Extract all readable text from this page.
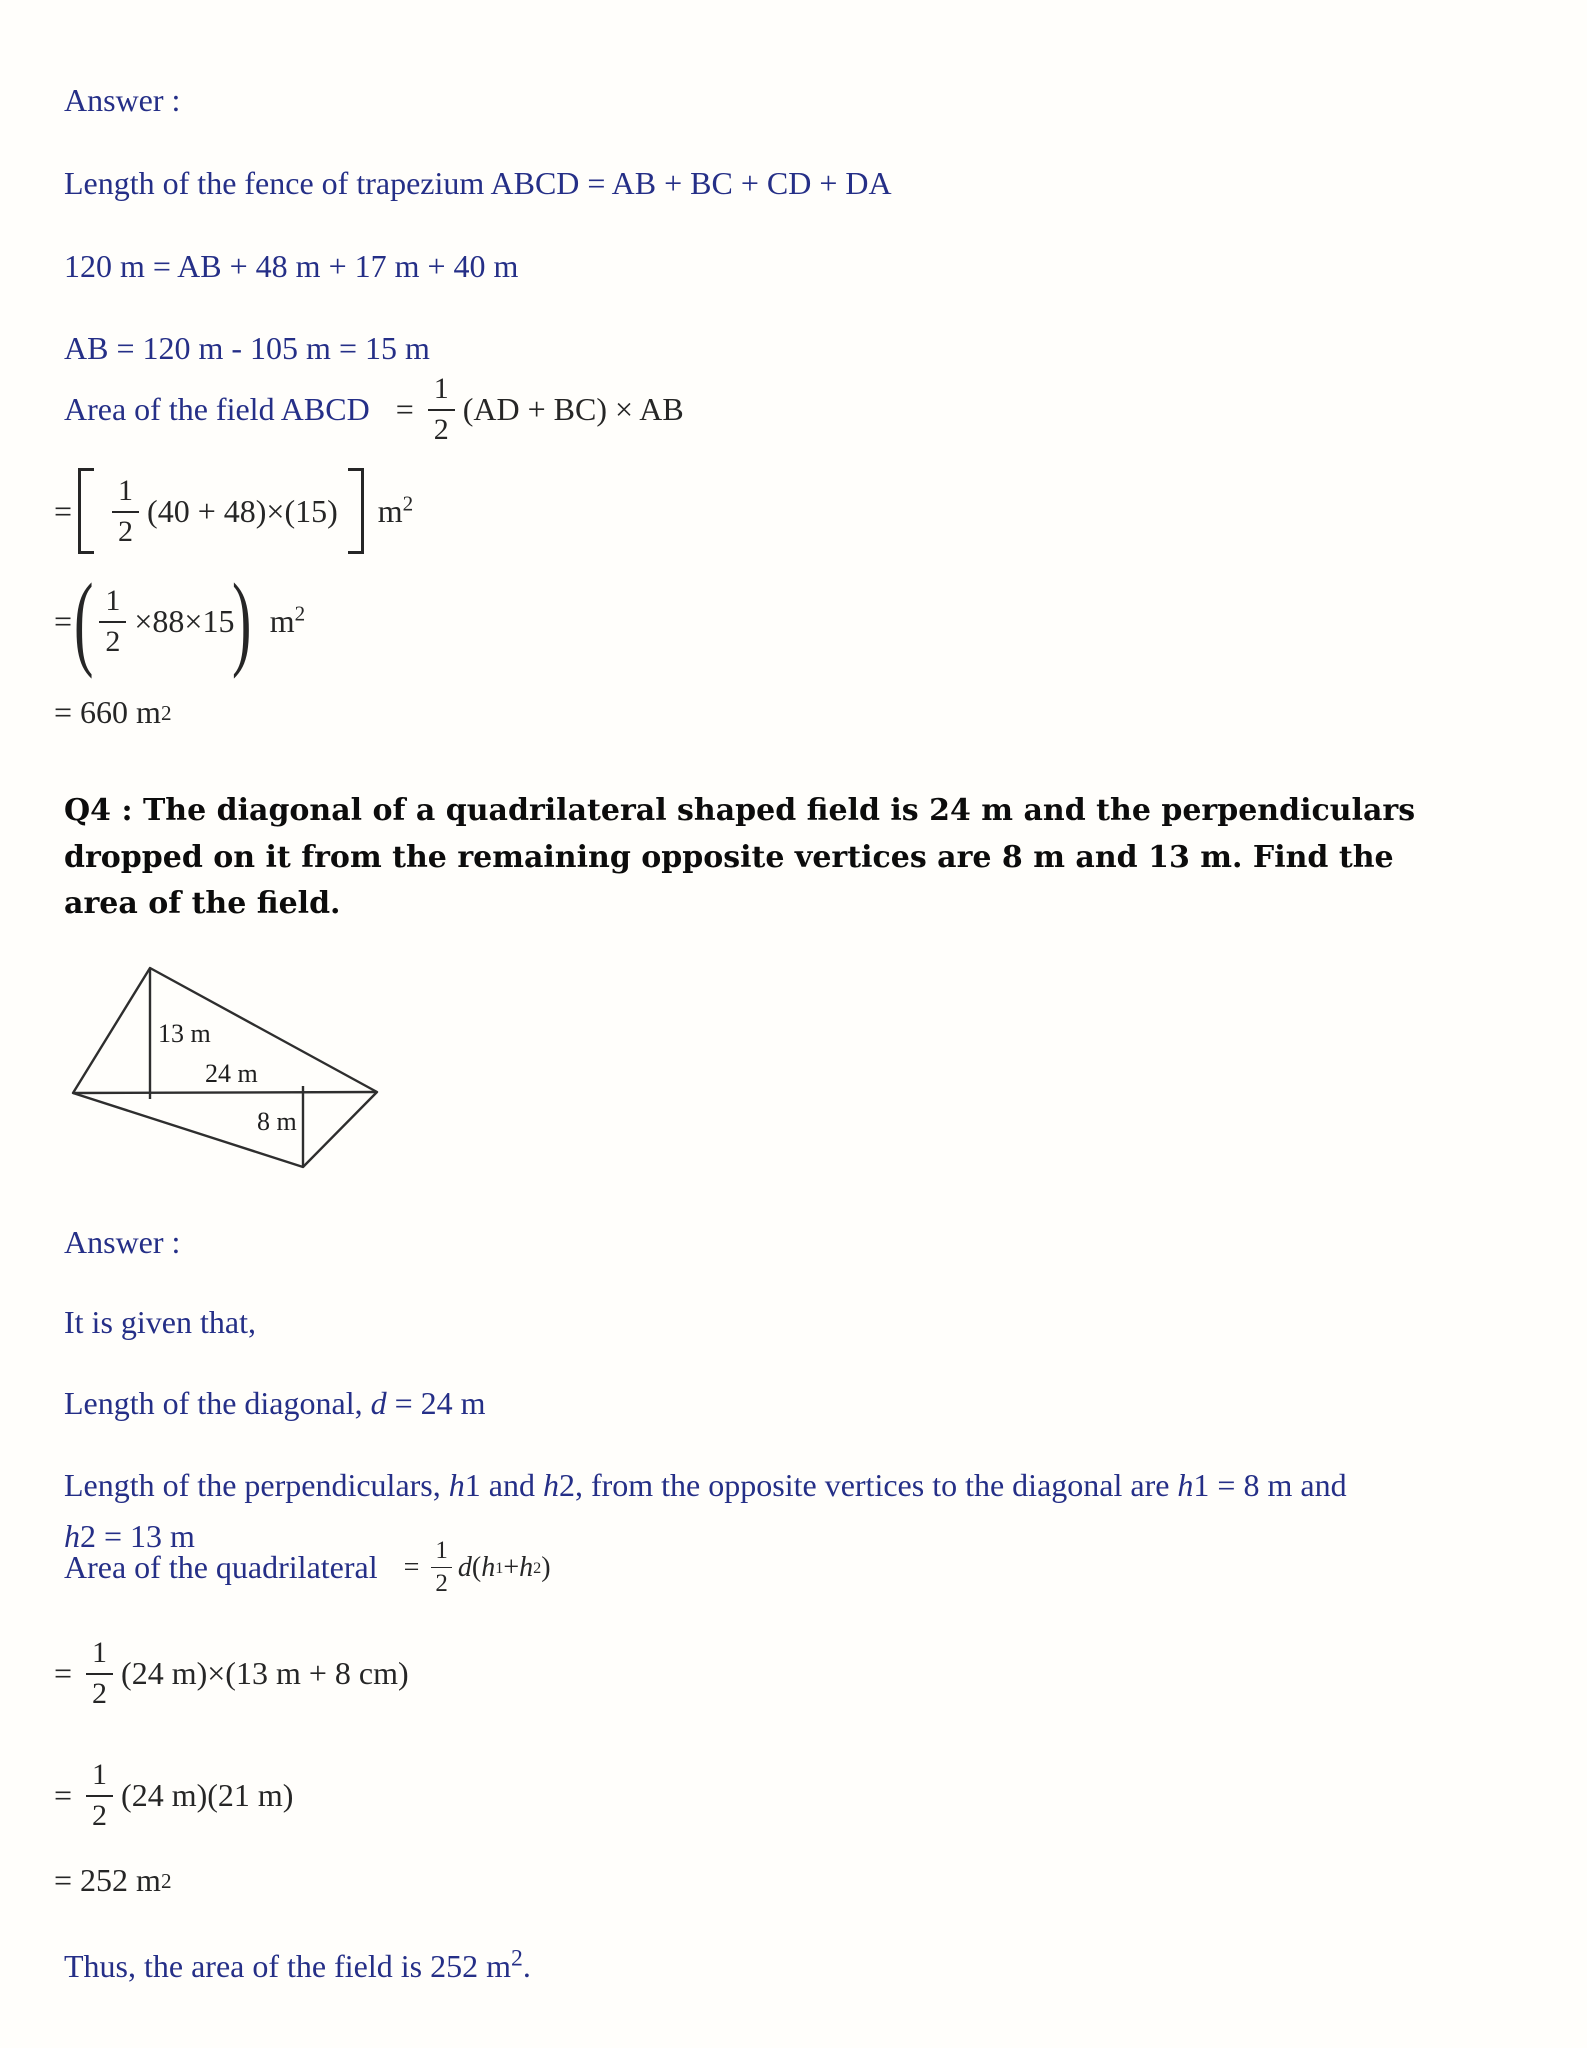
Answer :
Length of the fence of trapezium ABCD = AB + BC + CD + DA
120 m = AB + 48 m + 17 m + 40 m
AB = 120 m - 105 m = 15 m
Area of the field ABCD = $\frac{1}{2} (AD + BC)$ × AB
= $\frac{1}{2} (40 + 48)\times(15)$ $m^2$
= ( $\frac{1}{2} \times 88\times 15$
) $m^2$
= 660 m 2
Q4 : The diagonal of a quadrilateral shaped field is 24 m and the perpendiculars
dropped on it from the remaining opposite vertices are 8 m and 13 m. Find the
area of the field.
13 m
24 m
8 m
Answer :
It is given that,
Length of the diagonal, d = 24 m
Length of the perpendiculars, h1 and h2, from the opposite vertices to the diagonal are h1 = 8 m and
h2 = 13 m
Area of the quadrilateral = $\frac{1}{2}$ d ( h 1 + h 2 )
= $\frac{1}{2} (24$ m)×(13 m + 8 cm)
= $\frac{1}{2} (24$ m)(21 m)
= 252 m 2
Thus, the area of the field is 252 $m^2$.
